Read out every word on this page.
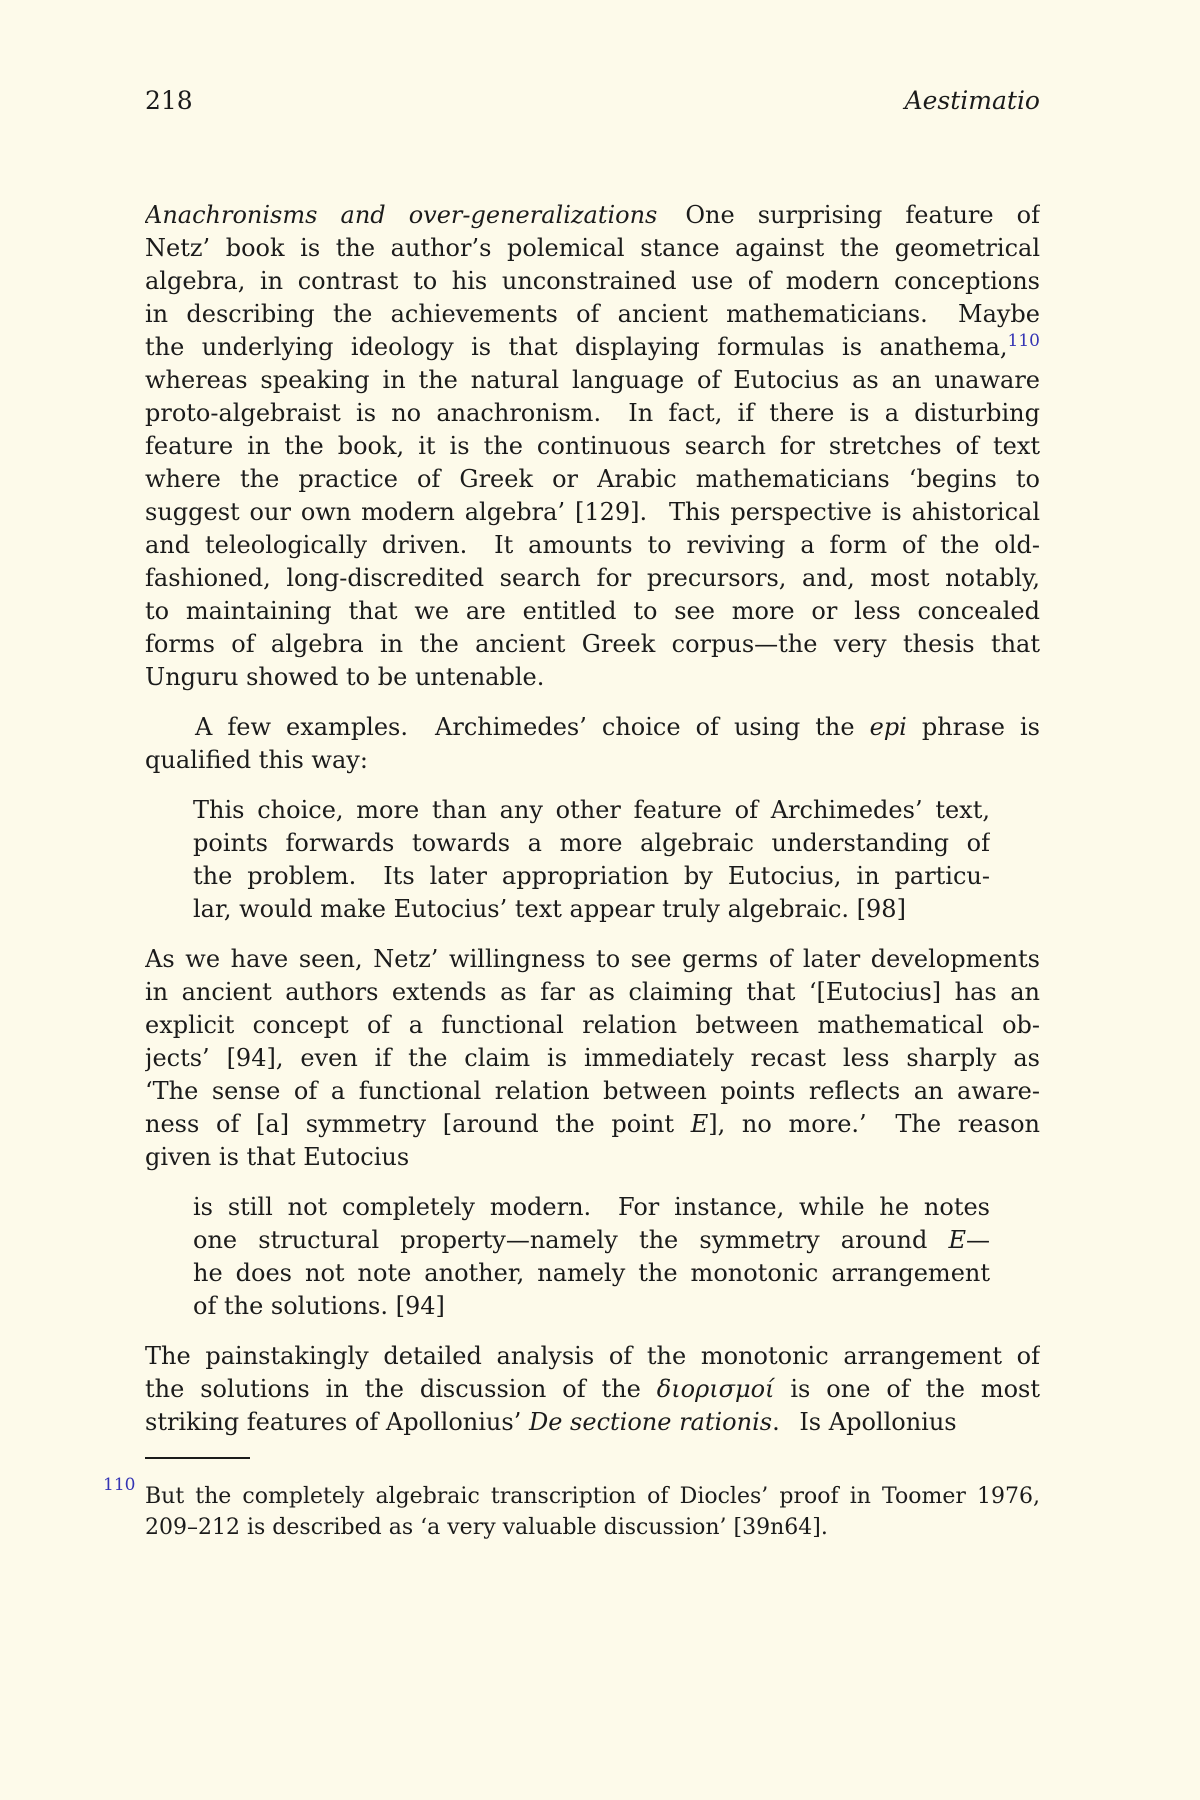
218	Aestimatio
Anachronisms and over-generalizations One surprising feature of
Netz’ book is the author’s polemical stance against the geometrical
algebra, in contrast to his unconstrained use of modern conceptions
in describing the achievements of ancient mathematicians.  Maybe
the underlying ideology is that displaying formulas is anathema,$^{110}$
whereas speaking in the natural language of Eutocius as an unaware
proto-algebraist is no anachronism.  In fact, if there is a disturbing
feature in the book, it is the continuous search for stretches of text
where the practice of Greek or Arabic mathematicians ‘begins to
suggest our own modern algebra’ [129].  This perspective is ahistorical
and teleologically driven.  It amounts to reviving a form of the old-
fashioned, long-discredited search for precursors, and, most notably,
to maintaining that we are entitled to see more or less concealed
forms of algebra in the ancient Greek corpus—the very thesis that
Unguru showed to be untenable.
A few examples.  Archimedes’ choice of using the epi phrase is
qualified this way:
This choice, more than any other feature of Archimedes’ text,
points forwards towards a more algebraic understanding of
the problem.  Its later appropriation by Eutocius, in particu-
lar, would make Eutocius’ text appear truly algebraic. [98]
As we have seen, Netz’ willingness to see germs of later developments
in ancient authors extends as far as claiming that ‘[Eutocius] has an
explicit concept of a functional relation between mathematical ob-
jects’ [94], even if the claim is immediately recast less sharply as
‘The sense of a functional relation between points reflects an aware-
ness of [a] symmetry [around the point E], no more.’  The reason
given is that Eutocius
is still not completely modern.  For instance, while he notes
one structural property—namely the symmetry around E—
he does not note another, namely the monotonic arrangement
of the solutions. [94]
The painstakingly detailed analysis of the monotonic arrangement of
the solutions in the discussion of the διορισμοί is one of the most
striking features of Apollonius’ De sectione rationis.  Is Apollonius
110 But the completely algebraic transcription of Diocles’ proof in Toomer 1976,
209–212 is described as ‘a very valuable discussion’ [39n64].
